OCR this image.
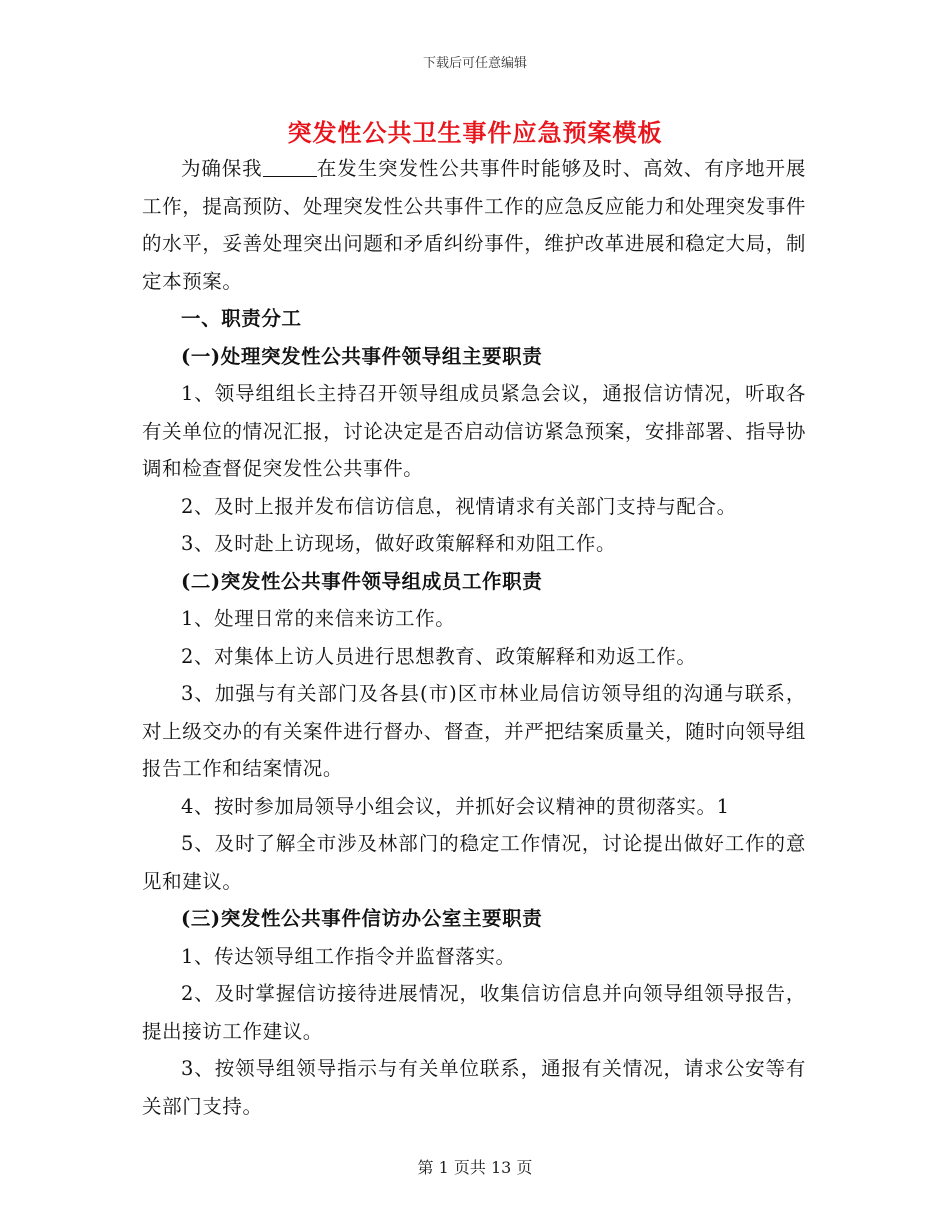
下载后可任意编辑
突发性公共卫生事件应急预案模板

为确保我	在发生突发性公共事件时能够及时、高效、有序地开展工作，提高预防、处理突发性公共事件工作的应急反应能力和处理突发事件的水平，妥善处理突出问题和矛盾纠纷事件，维护改革进展和稳定大局，制定本预案。

一、职责分工

(一)处理突发性公共事件领导组主要职责

1、领导组组长主持召开领导组成员紧急会议，通报信访情况，听取各有关单位的情况汇报，讨论决定是否启动信访紧急预案，安排部署、指导协调和检查督促突发性公共事件。

2、及时上报并发布信访信息，视情请求有关部门支持与配合。

3、及时赴上访现场，做好政策解释和劝阻工作。

(二)突发性公共事件领导组成员工作职责

1、处理日常的来信来访工作。

2、对集体上访人员进行思想教育、政策解释和劝返工作。

3、加强与有关部门及各县(市)区市林业局信访领导组的沟通与联系，对上级交办的有关案件进行督办、督查，并严把结案质量关，随时向领导组报告工作和结案情况。

4、按时参加局领导小组会议，并抓好会议精神的贯彻落实。1

5、及时了解全市涉及林部门的稳定工作情况，讨论提出做好工作的意见和建议。

(三)突发性公共事件信访办公室主要职责

1、传达领导组工作指令并监督落实。

2、及时掌握信访接待进展情况，收集信访信息并向领导组领导报告，提出接访工作建议。

3、按领导组领导指示与有关单位联系，通报有关情况，请求公安等有关部门支持。

第 1 页共 13 页
